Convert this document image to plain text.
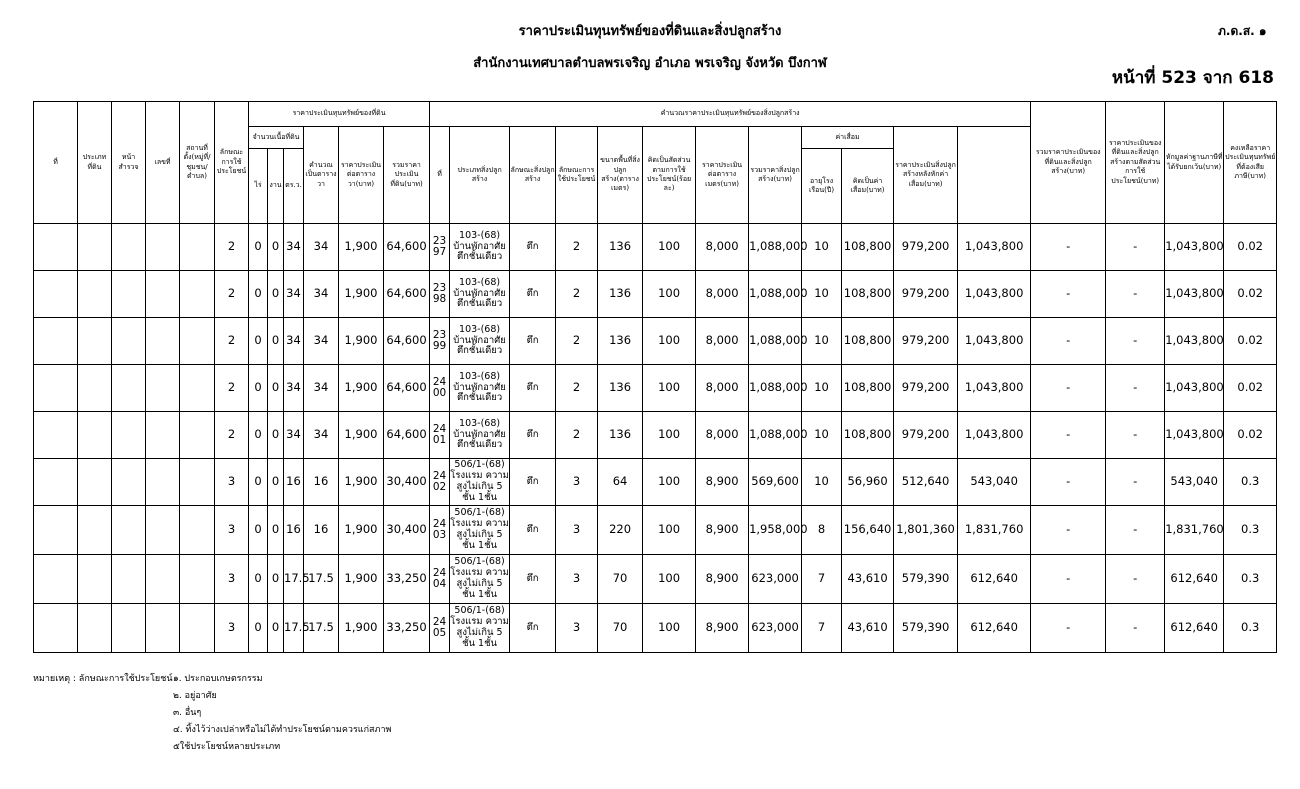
ราคาประเมินทุนทรัพย์ของที่ดินและสิ่งปลูกสร้าง
สำนักงานเทศบาลตำบลพรเจริญ อำเภอ พรเจริญ จังหวัด บึงกาฬ
ภ.ด.ส. ๑
หน้าที่ 523 จาก 618
ที่	ประเภทที่ดิน	หน้าสำรวจ	เลขที่	สถานที่ตั้ง(หมู่ที่/ชุมชน/ตำบล)	ลักษณะการใช้ประโยชน์	ราคาประเมินทุนทรัพย์ของที่ดิน						คำนวณราคาประเมินทุนทรัพย์ของสิ่งปลูกสร้าง												รวมราคาประเมินของที่ดินและสิ่งปลูกสร้าง(บาท)	ราคาประเมินของที่ดินและสิ่งปลูกสร้างตามสัดส่วนการใช้ประโยชน์(บาท)	หักมูลค่าฐานภาษีที่ได้รับยกเว้น(บาท)	คงเหลือราคาประเมินทุนทรัพย์ที่ต้องเสียภาษี(บาท)	
						จำนวนเนื้อที่ดิน			คำนวณเป็นตารางวา	ราคาประเมินต่อตารางวา(บาท)	รวมราคาประเมินที่ดิน(บาท)	ที่	ประเภทสิ่งปลูกสร้าง	ลักษณะสิ่งปลูกสร้าง	ลักษณะการใช้ประโยชน์	ขนาดพื้นที่สิ่งปลูกสร้าง(ตารางเมตร)	คิดเป็นสัดส่วนตามการใช้ประโยชน์(ร้อยละ)	ราคาประเมินต่อตารางเมตร(บาท)	รวมราคาสิ่งปลูกสร้าง(บาท)	ค่าเสื่อม		ราคาประเมินสิ่งปลูกสร้างหลังหักค่าเสื่อม(บาท)						
						ไร่	งาน	ตร.ว.												อายุโรงเรือน(ปี)	คิดเป็นค่าเสื่อม(บาท)							
					2	0	0	34	34	1,900	64,600	2397	103-(68) บ้านพักอาศัยตึกชั้นเดียว	ตึก	2	136	100	8,000	1,088,000	10	108,800	979,200	1,043,800	-	-	1,043,800	0.02	
					2	0	0	34	34	1,900	64,600	2398	103-(68) บ้านพักอาศัยตึกชั้นเดียว	ตึก	2	136	100	8,000	1,088,000	10	108,800	979,200	1,043,800	-	-	1,043,800	0.02	
					2	0	0	34	34	1,900	64,600	2399	103-(68) บ้านพักอาศัยตึกชั้นเดียว	ตึก	2	136	100	8,000	1,088,000	10	108,800	979,200	1,043,800	-	-	1,043,800	0.02	
					2	0	0	34	34	1,900	64,600	2400	103-(68) บ้านพักอาศัยตึกชั้นเดียว	ตึก	2	136	100	8,000	1,088,000	10	108,800	979,200	1,043,800	-	-	1,043,800	0.02	
					2	0	0	34	34	1,900	64,600	2401	103-(68) บ้านพักอาศัยตึกชั้นเดียว	ตึก	2	136	100	8,000	1,088,000	10	108,800	979,200	1,043,800	-	-	1,043,800	0.02	
					3	0	0	16	16	1,900	30,400	2402	506/1-(68) โรงแรม ความสูงไม่เกิน 5 ชั้น 1ชั้น	ตึก	3	64	100	8,900	569,600	10	56,960	512,640	543,040	-	-	543,040	0.3	
					3	0	0	16	16	1,900	30,400	2403	506/1-(68) โรงแรม ความสูงไม่เกิน 5 ชั้น 1ชั้น	ตึก	3	220	100	8,900	1,958,000	8	156,640	1,801,360	1,831,760	-	-	1,831,760	0.3	
					3	0	0	17.5	17.5	1,900	33,250	2404	506/1-(68) โรงแรม ความสูงไม่เกิน 5 ชั้น 1ชั้น	ตึก	3	70	100	8,900	623,000	7	43,610	579,390	612,640	-	-	612,640	0.3	
					3	0	0	17.5	17.5	1,900	33,250	2405	506/1-(68) โรงแรม ความสูงไม่เกิน 5 ชั้น 1ชั้น	ตึก	3	70	100	8,900	623,000	7	43,610	579,390	612,640	-	-	612,640	0.3	
หมายเหตุ : ลักษณะการใช้ประโยชน์๑. ประกอบเกษตรกรรม
๒. อยู่อาศัย
๓. อื่นๆ
๔. ทิ้งไว้ว่างเปล่าหรือไม่ได้ทำประโยชน์ตามควรแก่สภาพ
๕ใช้ประโยชน์หลายประเภท
